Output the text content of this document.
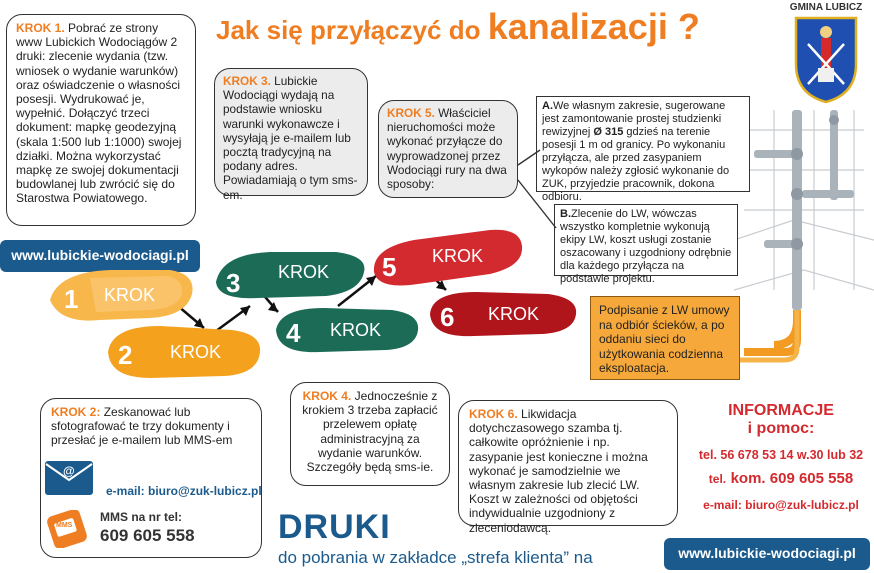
Jak się przyłączyć do kanalizacji ?	GMINA LUBICZ
KROK 1. Pobrać ze strony www Lubickich Wodociągów 2 druki: zlecenie wydania (tzw. wniosek o wydanie warunków) oraz oświadczenie o własności posesji. Wydrukować je, wypełnić. Dołączyć trzeci dokument: mapkę geodezyjną (skala 1:500 lub 1:1000) swojej działki. Można wykorzystać mapkę ze swojej dokumentacji budowlanej lub zwrócić się do Starostwa Powiatowego.
www.lubickie-wodociagi.pl
KROK 3. Lubickie Wodociągi wydają na podstawie wniosku warunki wykonawcze i wysyłają je e-mailem lub pocztą tradycyjną na podany adres. Powiadamiają o tym sms-em.
KROK 5. Właściciel nieruchomości może wykonać przyłącze do wyprowadzonej przez Wodociągi rury na dwa sposoby:
A.We własnym zakresie, sugerowane jest zamontowanie prostej studzienki rewizyjnej Ø 315 gdzieś na terenie posesji 1 m od granicy. Po wykonaniu przyłącza, ale przed zasypaniem wykopów należy zgłosić wykonanie do ZUK, przyjedzie pracownik, dokona odbioru.
B.Zlecenie do LW, wówczas wszystko kompletnie wykonują ekipy LW, koszt usługi zostanie oszacowany i uzgodniony odrębnie dla każdego przyłącza na podstawie projektu.
Podpisanie z LW umowy na odbiór ścieków, a po oddaniu sieci do użytkowania codzienna eksploatacja.
1 KROK
2 KROK
3 KROK
4 KROK
5 KROK
6 KROK
KROK 2: Zeskanować lub sfotografować te trzy dokumenty i przesłać je e-mailem lub MMS-em
@
e-mail: biuro@zuk-lubicz.pl
MMS
MMS na nr tel:
609 605 558
KROK 4. Jednocześnie z krokiem 3 trzeba zapłacić przelewem opłatę administracyjną za wydanie warunków. Szczegóły będą sms-ie.
KROK 6. Likwidacja dotychczasowego szamba tj. całkowite opróżnienie i np. zasypanie jest konieczne i można wykonać je samodzielnie we własnym zakresie lub zlecić LW. Koszt w zależności od objętości indywidualnie uzgodniony z zleceniodawcą.
DRUKI
do pobrania w zakładce „strefa klienta” na	www.lubickie-wodociagi.pl
INFORMACJE
i pomoc:
tel. 56 678 53 14 w.30 lub 32
tel. kom. 609 605 558
e-mail: biuro@zuk-lubicz.pl
